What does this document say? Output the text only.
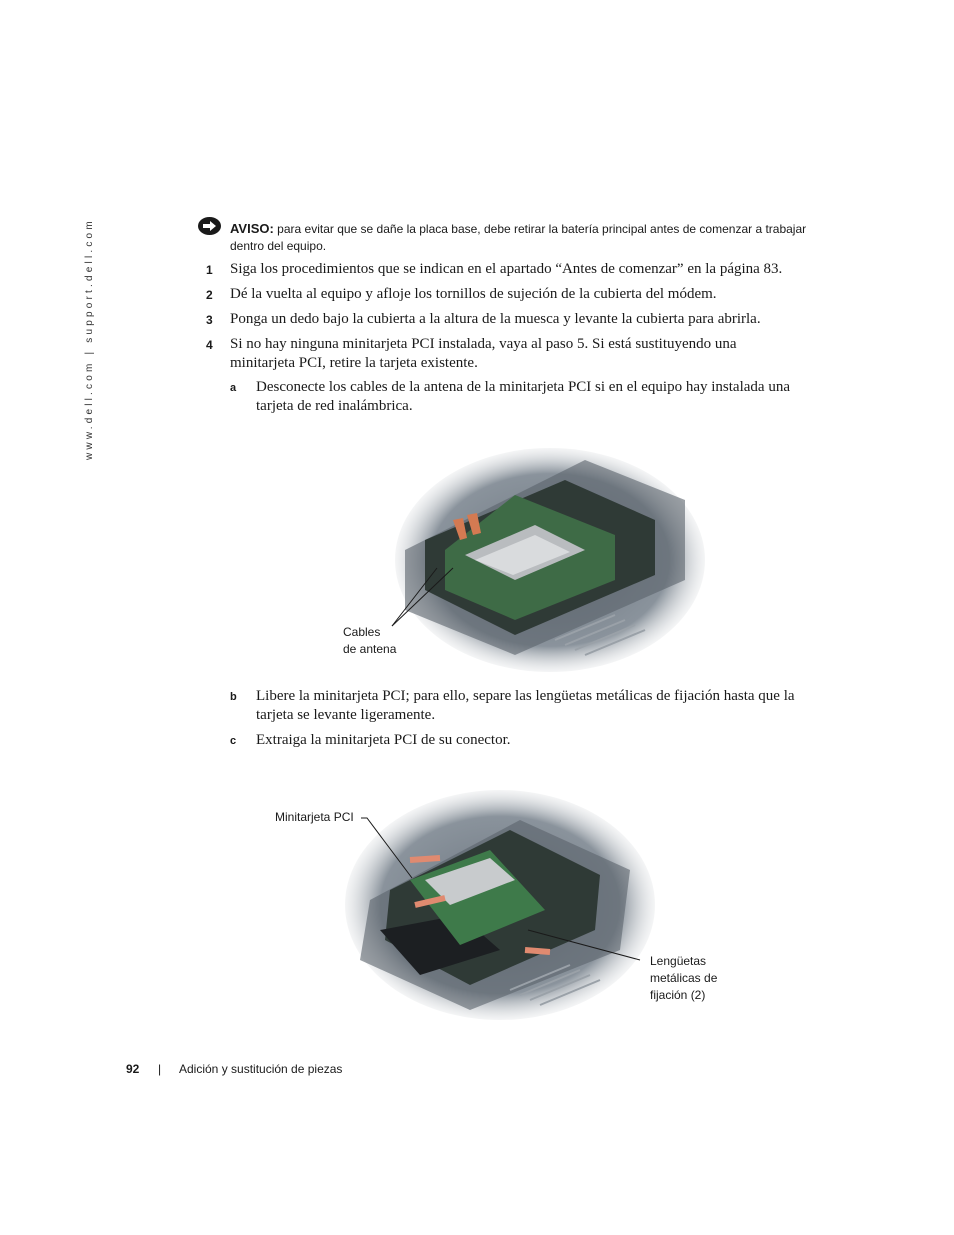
www.dell.com | support.dell.com	AVISO: para evitar que se dañe la placa base, debe retirar la batería principal antes de comenzar a trabajar dentro del equipo.
1 Siga los procedimientos que se indican en el apartado “Antes de comenzar” en la página 83.
2 Dé la vuelta al equipo y afloje los tornillos de sujeción de la cubierta del módem.
3 Ponga un dedo bajo la cubierta a la altura de la muesca y levante la cubierta para abrirla.
4 Si no hay ninguna minitarjeta PCI instalada, vaya al paso 5. Si está sustituyendo una minitarjeta PCI, retire la tarjeta existente.
a Desconecte los cables de la antena de la minitarjeta PCI si en el equipo hay instalada una tarjeta de red inalámbrica.
Cables
de antena
b Libere la minitarjeta PCI; para ello, separe las lengüetas metálicas de fijación hasta que la tarjeta se levante ligeramente.
c Extraiga la minitarjeta PCI de su conector.
Minitarjeta PCI
Lengüetas
metálicas de
fijación (2)
92 | Adición y sustitución de piezas
